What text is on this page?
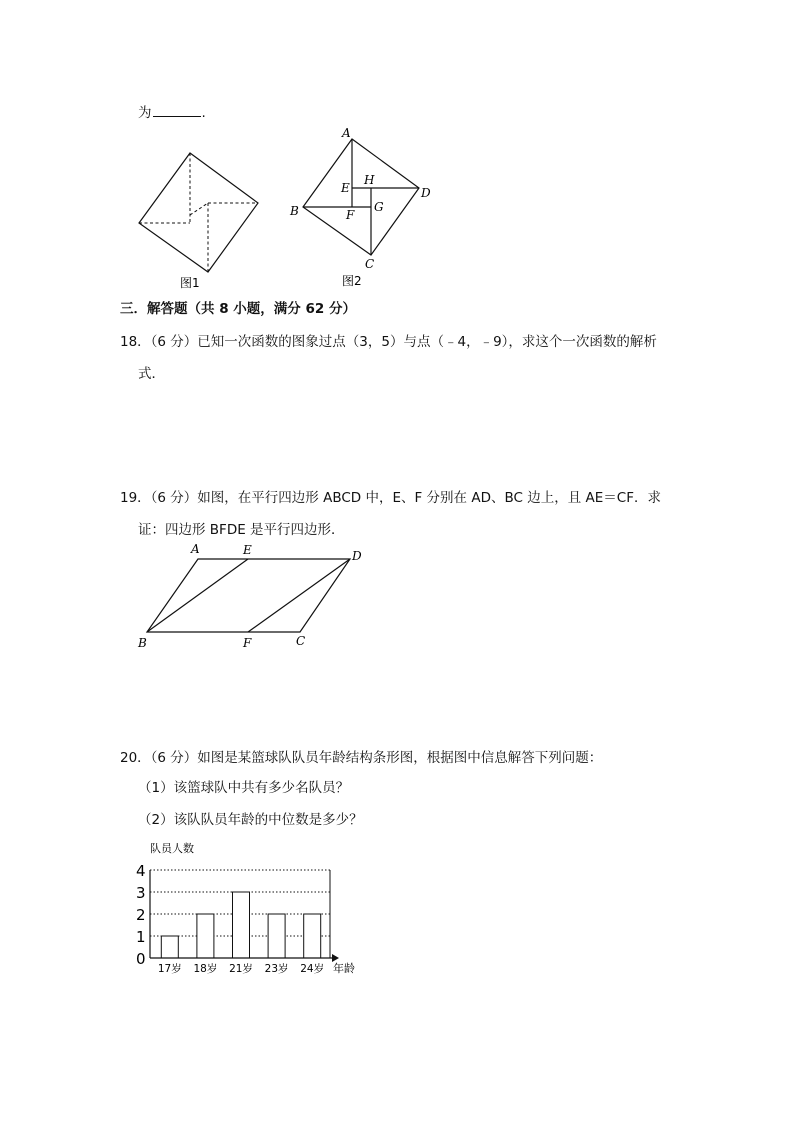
为	.
图1
A
D
B
C
E
H
F
G
图2
三．解答题（共 8 小题，满分 62 分）
18．（6 分）已知一次函数的图象过点（3，5）与点（﹣4，﹣9），求这个一次函数的解析
式．
19．（6 分）如图，在平行四边形 ABCD 中，E、F 分别在 AD、BC 边上，且 AE＝CF．求
证：四边形 BFDE 是平行四边形．
A	E	D
B	F	C
20．（6 分）如图是某篮球队队员年龄结构条形图，根据图中信息解答下列问题：
（1）该篮球队中共有多少名队员？
（2）该队队员年龄的中位数是多少？
队员人数
年龄
0
1
2
3
4
17岁 18岁 21岁 23岁 24岁
